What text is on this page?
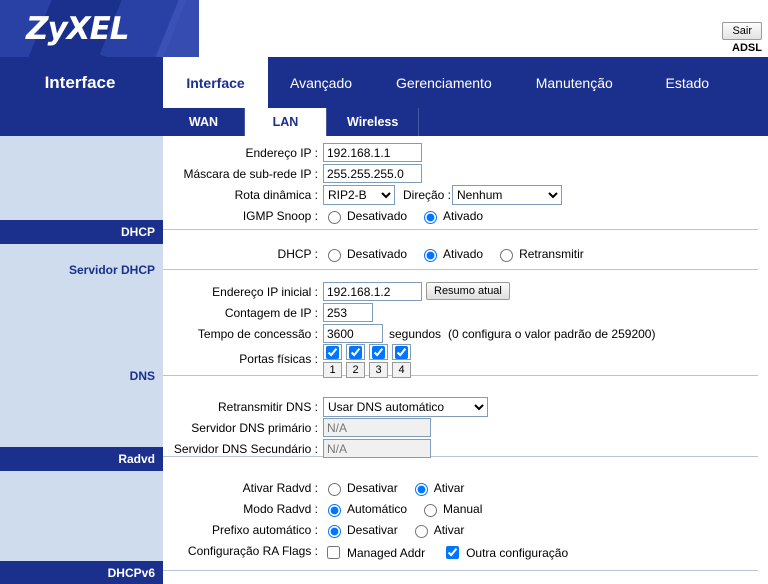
ZyXEL	Sair
ADSL
Interface	Interface	Avançado	Gerenciamento	Manutenção	Estado
WAN	LAN	Wireless
DHCP
Servidor DHCP
DNS
Radvd
DHCPv6
Endereço IP :
192.168.1.1
Máscara de sub-rede IP :
255.255.255.0
Rota dinâmica :
RIP2-B	Direção :
Nenhum
IGMP Snoop : Desativado	Ativado
DHCP : Desativado	Ativado	Retransmitir
Endereço IP inicial :
192.168.1.2	Resumo atual
Contagem de IP :
253
Tempo de concessão :
3600	segundos (0 configura o valor padrão de 259200)
Portas físicas :
1	2	3	4
Retransmitir DNS :
Usar DNS automático
Servidor DNS primário :
N/A
Servidor DNS Secundário :
N/A
Ativar Radvd : Desativar	Ativar
Modo Radvd : Automático	Manual
Prefixo automático : Desativar	Ativar
Configuração RA Flags : Managed Addr	Outra configuração
